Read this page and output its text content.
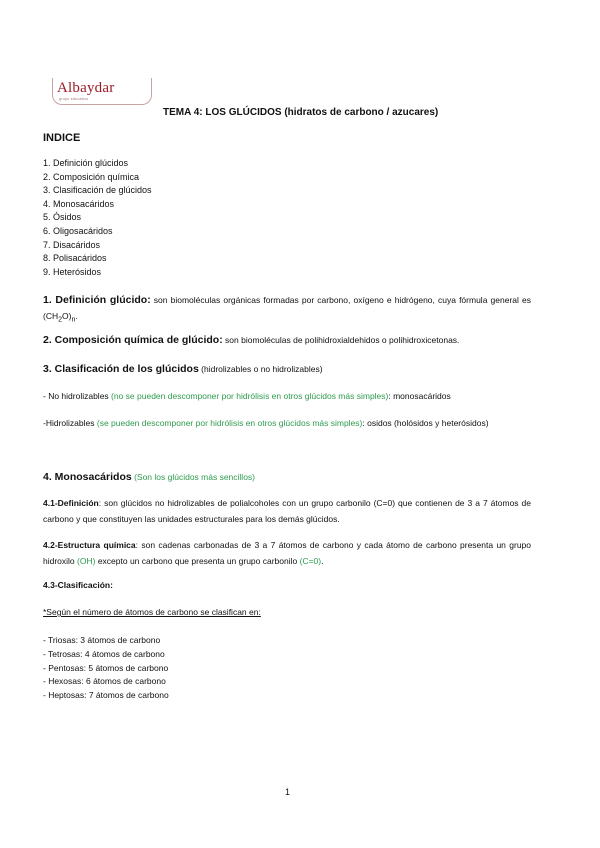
Albaydar
grupo educativo
TEMA 4: LOS GLÚCIDOS (hidratos de carbono / azucares)
INDICE
1. Definición glúcidos
2. Composición química
3. Clasificación de glúcidos
4. Monosacáridos
5. Ósidos
6. Oligosacáridos
7. Disacáridos
8. Polisacáridos
9. Heterósidos
1. Definición glúcido: son biomoléculas orgánicas formadas por carbono, oxígeno e hidrógeno, cuya fórmula general es $(CH_2O)_n$.
2. Composición química de glúcido: son biomoléculas de polihidroxialdehidos o polihidroxicetonas.
3. Clasificación de los glúcidos (hidrolizables o no hidrolizables)
- No hidrolizables (no se pueden descomponer por hidrólisis en otros glúcidos más simples): monosacáridos
-Hidrolizables (se pueden descomponer por hidrólisis en otros glúcidos más simples): osidos (holósidos y heterósidos)
4. Monosacáridos (Son los glúcidos más sencillos)
4.1-Definición: son glúcidos no hidrolizables de polialcoholes con un grupo carbonilo (C=0) que contienen de 3 a 7 átomos de carbono y que constituyen las unidades estructurales para los demás glúcidos.
4.2-Estructura química: son cadenas carbonadas de 3 a 7 átomos de carbono y cada átomo de carbono presenta un grupo hidroxilo (OH) excepto un carbono que presenta un grupo carbonilo (C=0).
4.3-Clasificación:
*Según el número de átomos de carbono se clasifican en:
- Triosas: 3 átomos de carbono
- Tetrosas: 4 átomos de carbono
- Pentosas: 5 átomos de carbono
- Hexosas: 6 átomos de carbono
- Heptosas: 7 átomos de carbono
1
